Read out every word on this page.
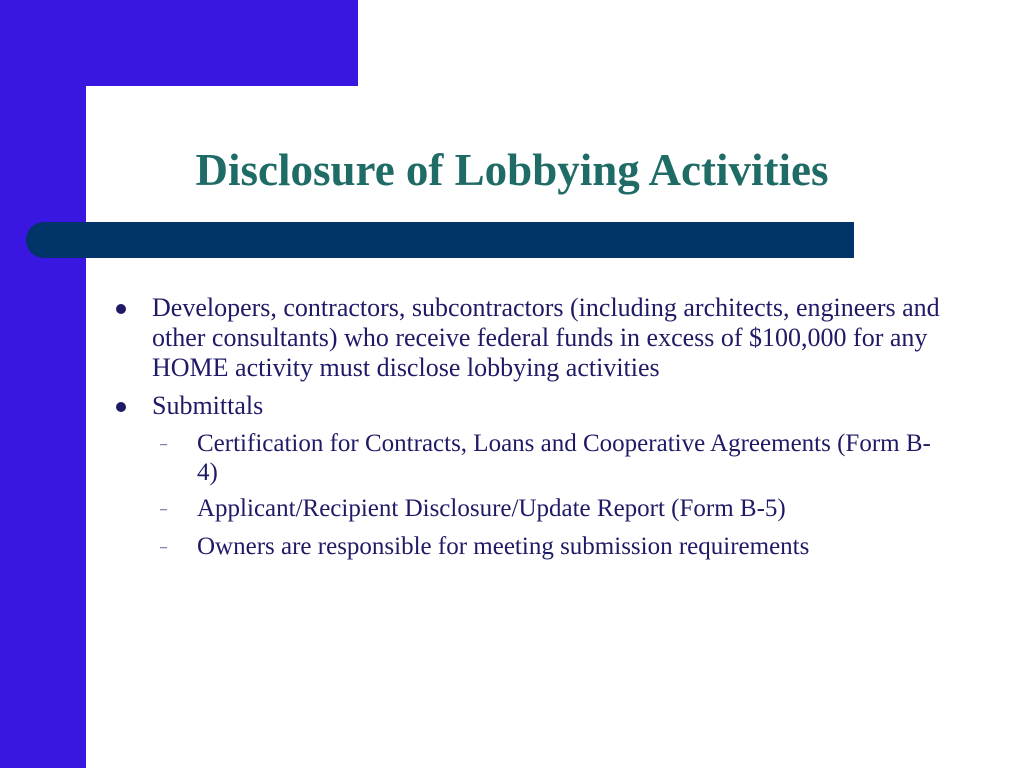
Disclosure of Lobbying Activities
Developers, contractors, subcontractors (including architects, engineers and other consultants) who receive federal funds in excess of $100,000 for any HOME activity must disclose lobbying activities
Submittals
–	Certification for Contracts, Loans and Cooperative Agreements (Form B-4)
–	Applicant/Recipient Disclosure/Update Report (Form B-5)
–	Owners are responsible for meeting submission requirements
